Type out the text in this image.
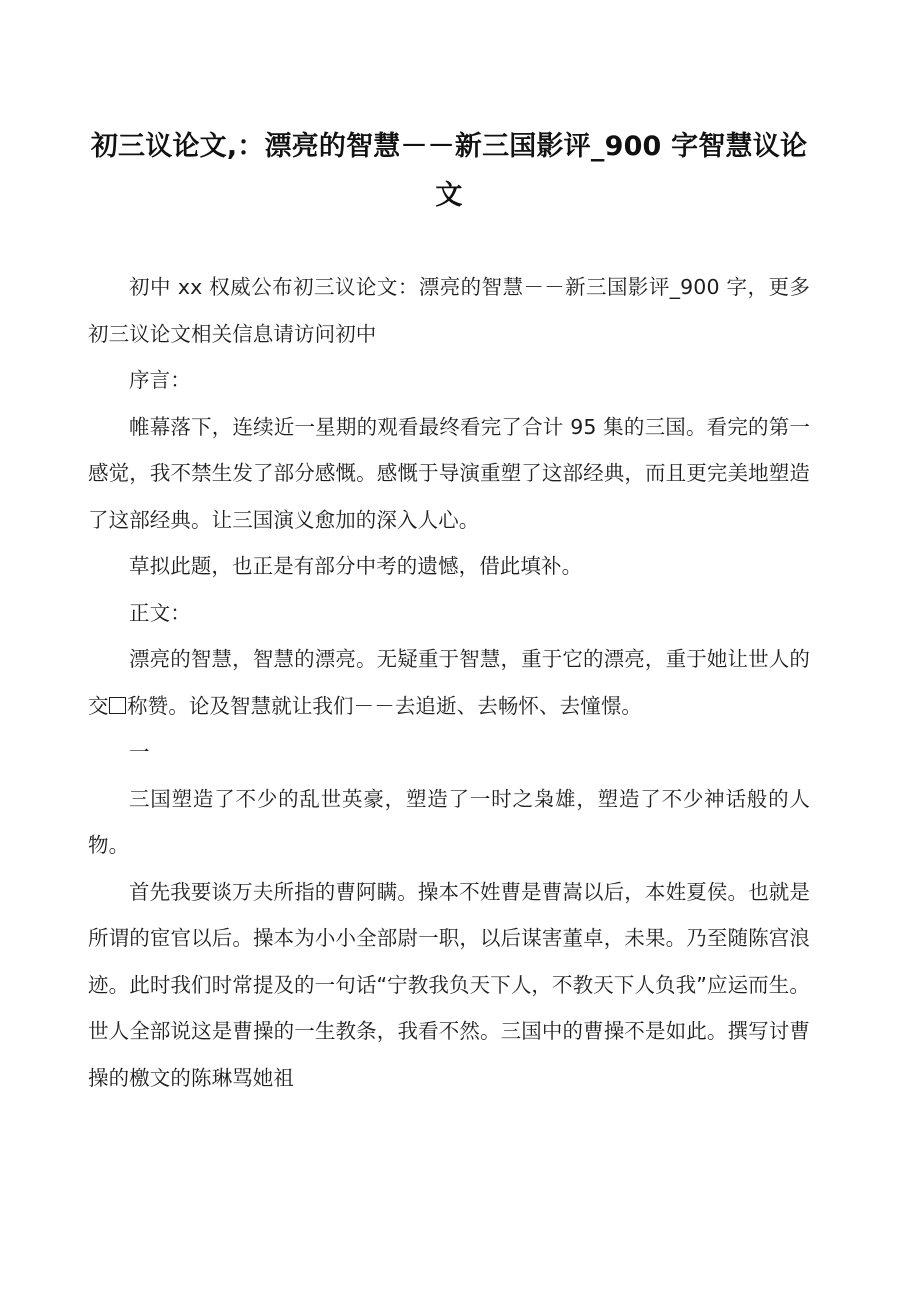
初三议论文,：漂亮的智慧－－新三国影评_900 字智慧议论文

初中 xx 权威公布初三议论文：漂亮的智慧－－新三国影评_900 字，更多初三议论文相关信息请访问初中

序言：

帷幕落下，连续近一星期的观看最终看完了合计 95 集的三国。看完的第一感觉，我不禁生发了部分感慨。感慨于导演重塑了这部经典，而且更完美地塑造了这部经典。让三国演义愈加的深入人心。

草拟此题，也正是有部分中考的遗憾，借此填补。

正文：

漂亮的智慧，智慧的漂亮。无疑重于智慧，重于它的漂亮，重于她让世人的交 称赞。论及智慧就让我们－－去追逝、去畅怀、去憧憬。

一

三国塑造了不少的乱世英豪，塑造了一时之枭雄，塑造了不少神话般的人物。

首先我要谈万夫所指的曹阿瞒。操本不姓曹是曹嵩以后，本姓夏侯。也就是所谓的宦官以后。操本为小小全部尉一职，以后谋害董卓，未果。乃至随陈宫浪迹。此时我们时常提及的一句话“宁教我负天下人，不教天下人负我”应运而生。世人全部说这是曹操的一生教条，我看不然。三国中的曹操不是如此。撰写讨曹操的檄文的陈琳骂她祖
